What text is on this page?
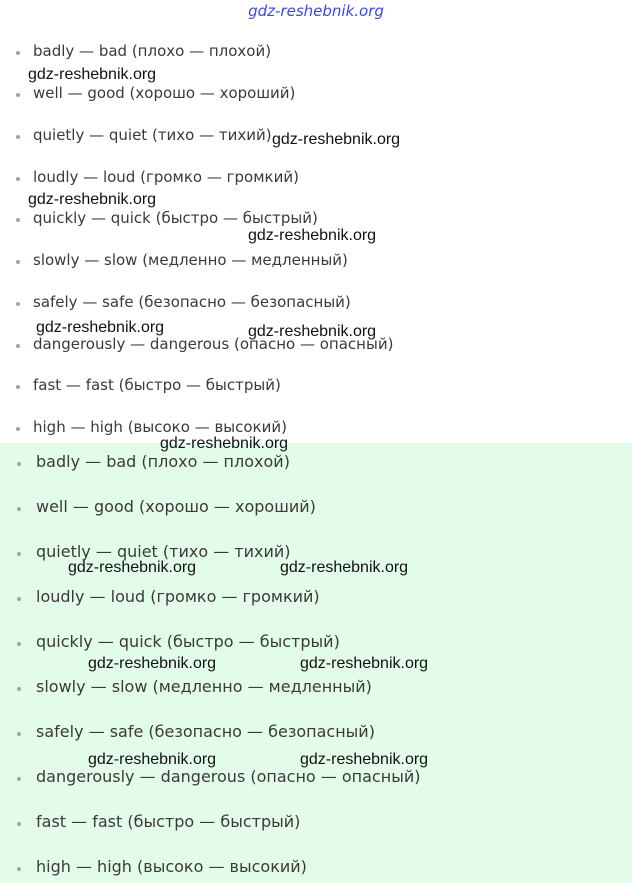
gdz-reshebnik.org
badly — bad (плохо — плохой)
well — good (хорошо — хороший)
quietly — quiet (тихо — тихий)
loudly — loud (громко — громкий)
quickly — quick (быстро — быстрый)
slowly — slow (медленно — медленный)
safely — safe (безопасно — безопасный)
dangerously — dangerous (опасно — опасный)
fast — fast (быстро — быстрый)
high — high (высоко — высокий)
badly — bad (плохо — плохой)
well — good (хорошо — хороший)
quietly — quiet (тихо — тихий)
loudly — loud (громко — громкий)
quickly — quick (быстро — быстрый)
slowly — slow (медленно — медленный)
safely — safe (безопасно — безопасный)
dangerously — dangerous (опасно — опасный)
fast — fast (быстро — быстрый)
high — high (высоко — высокий)
gdz-reshebnik.org
gdz-reshebnik.org
gdz-reshebnik.org
gdz-reshebnik.org
gdz-reshebnik.org	gdz-reshebnik.org
gdz-reshebnik.org
gdz-reshebnik.org	gdz-reshebnik.org
gdz-reshebnik.org	gdz-reshebnik.org
gdz-reshebnik.org	gdz-reshebnik.org
